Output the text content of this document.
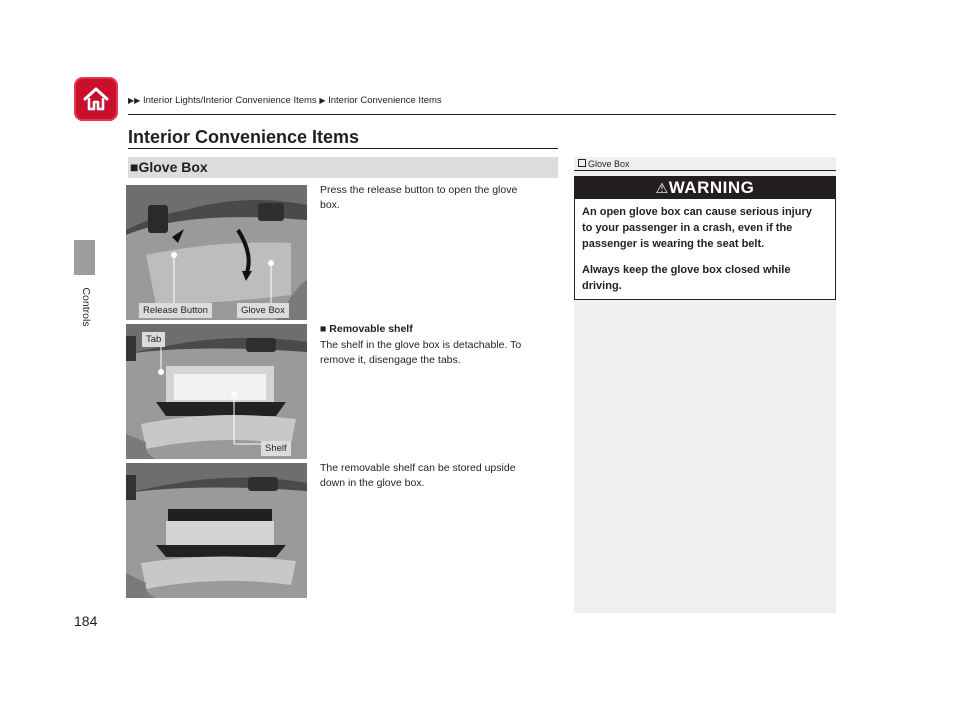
▶▶ Interior Lights/Interior Convenience Items ▶ Interior Convenience Items
Controls
184
Interior Convenience Items
■Glove Box
Release Button	Glove Box
Tab
Shelf
Press the release button to open the glove
box.
■ Removable shelf
The shelf in the glove box is detachable. To
remove it, disengage the tabs.
The removable shelf can be stored upside
down in the glove box.
Glove Box
⚠WARNING
An open glove box can cause serious injury
to your passenger in a crash, even if the
passenger is wearing the seat belt.
Always keep the glove box closed while
driving.
